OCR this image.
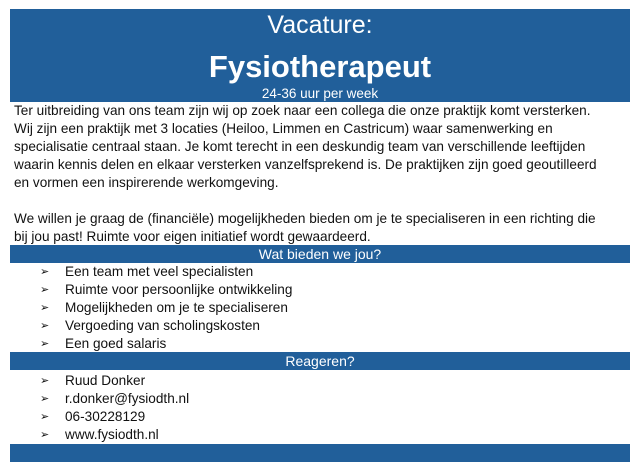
Vacature:
Fysiotherapeut
24-36 uur per week
Ter uitbreiding van ons team zijn wij op zoek naar een collega die onze praktijk komt versterken.
Wij zijn een praktijk met 3 locaties (Heiloo, Limmen en Castricum) waar samenwerking en
specialisatie centraal staan. Je komt terecht in een deskundig team van verschillende leeftijden
waarin kennis delen en elkaar versterken vanzelfsprekend is. De praktijken zijn goed geoutilleerd
en vormen een inspirerende werkomgeving.
We willen je graag de (financiële) mogelijkheden bieden om je te specialiseren in een richting die
bij jou past! Ruimte voor eigen initiatief wordt gewaardeerd.
Wat bieden we jou?
➢	Een team met veel specialisten
➢	Ruimte voor persoonlijke ontwikkeling
➢	Mogelijkheden om je te specialiseren
➢	Vergoeding van scholingskosten
➢	Een goed salaris
Reageren?
➢	Ruud Donker
➢	r.donker@fysiodth.nl
➢	06-30228129
➢	www.fysiodth.nl
